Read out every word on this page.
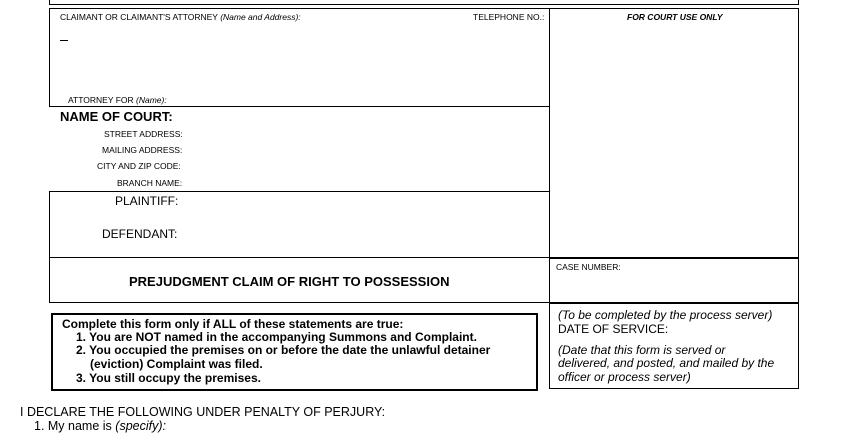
CLAIMANT OR CLAIMANT'S ATTORNEY (Name and Address):	TELEPHONE NO.:
ATTORNEY FOR (Name):
FOR COURT USE ONLY
NAME OF COURT:
STREET ADDRESS:
MAILING ADDRESS:
CITY AND ZIP CODE:
BRANCH NAME:
PLAINTIFF:
DEFENDANT:
PREJUDGMENT CLAIM OF RIGHT TO POSSESSION
CASE NUMBER:
Complete this form only if ALL of these statements are true:
1. You are NOT named in the accompanying Summons and Complaint.
2. You occupied the premises on or before the date the unlawful detainer
(eviction) Complaint was filed.
3. You still occupy the premises.
(To be completed by the process server)
DATE OF SERVICE:
(Date that this form is served or
delivered, and posted, and mailed by the
officer or process server)
I DECLARE THE FOLLOWING UNDER PENALTY OF PERJURY:
1. My name is (specify):
